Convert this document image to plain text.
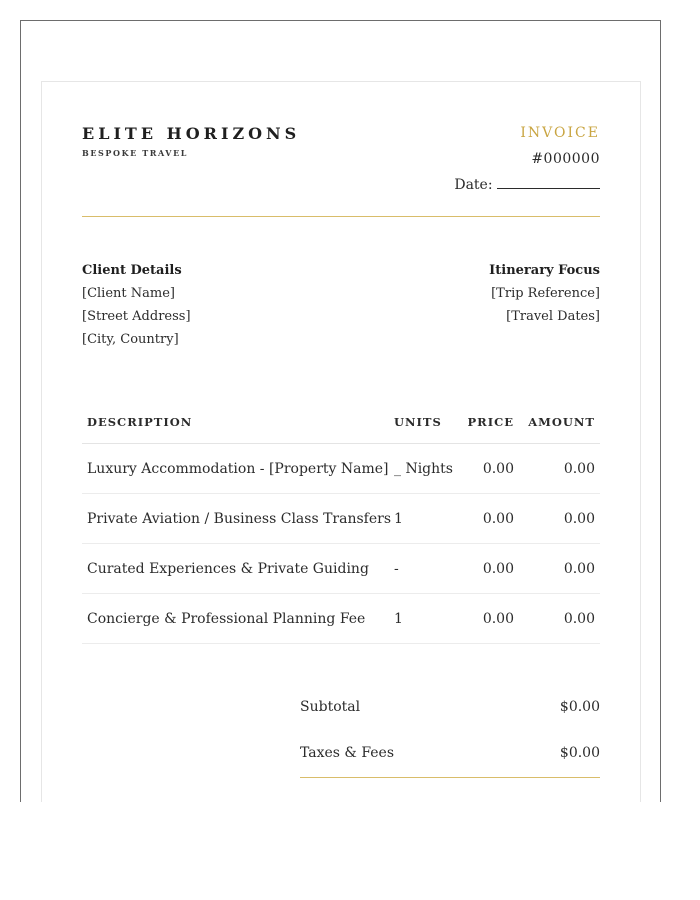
ELITE HORIZONS
BESPOKE TRAVEL
INVOICE
#000000
Date:
Client Details
[Client Name]
[Street Address]
[City, Country]
Itinerary Focus
[Trip Reference]
[Travel Dates]
DESCRIPTION	UNITS	PRICE	AMOUNT
Luxury Accommodation - [Property Name]	_ Nights	0.00	0.00
Private Aviation / Business Class Transfers	1	0.00	0.00
Curated Experiences & Private Guiding	-	0.00	0.00
Concierge & Professional Planning Fee	1	0.00	0.00
Subtotal	$0.00
Taxes & Fees	$0.00
